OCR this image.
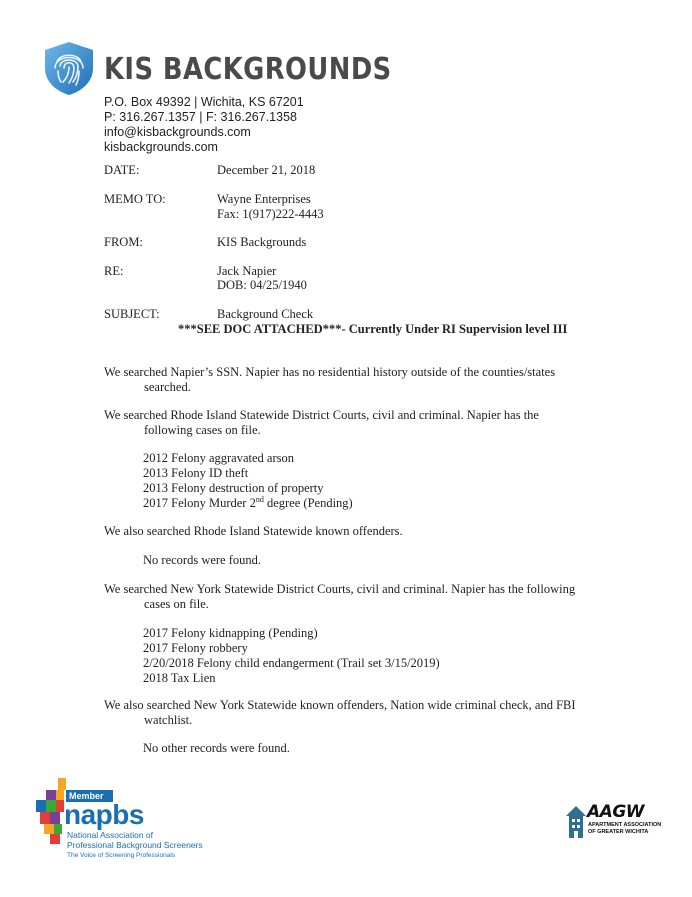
KIS BACKGROUNDS
P.O. Box 49392 | Wichita, KS 67201
P: 316.267.1357 | F: 316.267.1358
info@kisbackgrounds.com
kisbackgrounds.com
DATE:	December 21, 2018
MEMO TO:	Wayne Enterprises
Fax: 1(917)222-4443
FROM:	KIS Backgrounds
RE:	Jack Napier
DOB: 04/25/1940
SUBJECT:	Background Check
***SEE DOC ATTACHED***- Currently Under RI Supervision level III
We searched Napier’s SSN. Napier has no residential history outside of the counties/states
searched.
We searched Rhode Island Statewide District Courts, civil and criminal. Napier has the
following cases on file.
2012 Felony aggravated arson
2013 Felony ID theft
2013 Felony destruction of property
2017 Felony Murder 2nd degree (Pending)
We also searched Rhode Island Statewide known offenders.
No records were found.
We searched New York Statewide District Courts, civil and criminal. Napier has the following
cases on file.
2017 Felony kidnapping (Pending)
2017 Felony robbery
2/20/2018 Felony child endangerment (Trail set 3/15/2019)
2018 Tax Lien
We also searched New York Statewide known offenders, Nation wide criminal check, and FBI
watchlist.
No other records were found.
Member
napbs
National Association of
Professional Background Screeners
The Voice of Screening Professionals
AAGW
APARTMENT ASSOCIATION
OF GREATER WICHITA
